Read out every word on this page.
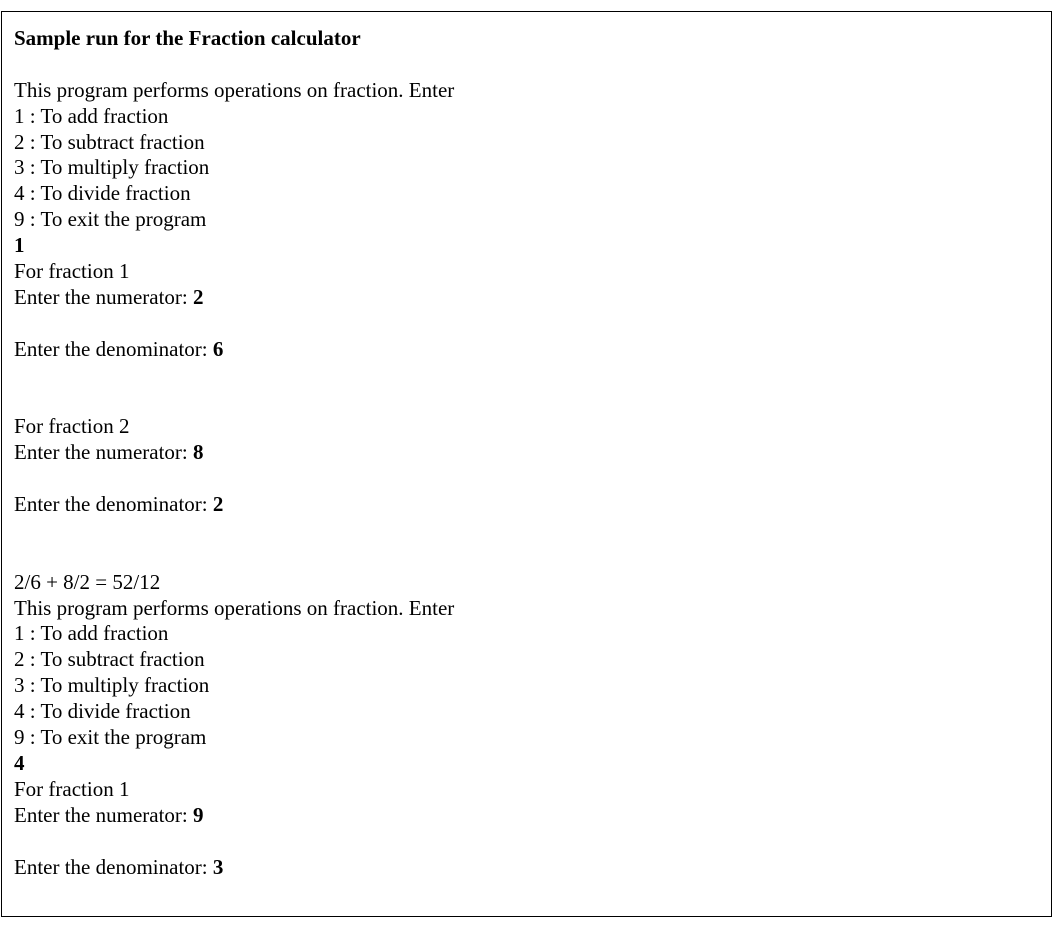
Sample run for the Fraction calculator
This program performs operations on fraction. Enter
1 : To add fraction
2 : To subtract fraction
3 : To multiply fraction
4 : To divide fraction
9 : To exit the program
1
For fraction 1
Enter the numerator: 2
Enter the denominator: 6
For fraction 2
Enter the numerator: 8
Enter the denominator: 2
2/6 + 8/2 = 52/12
This program performs operations on fraction. Enter
1 : To add fraction
2 : To subtract fraction
3 : To multiply fraction
4 : To divide fraction
9 : To exit the program
4
For fraction 1
Enter the numerator: 9
Enter the denominator: 3
